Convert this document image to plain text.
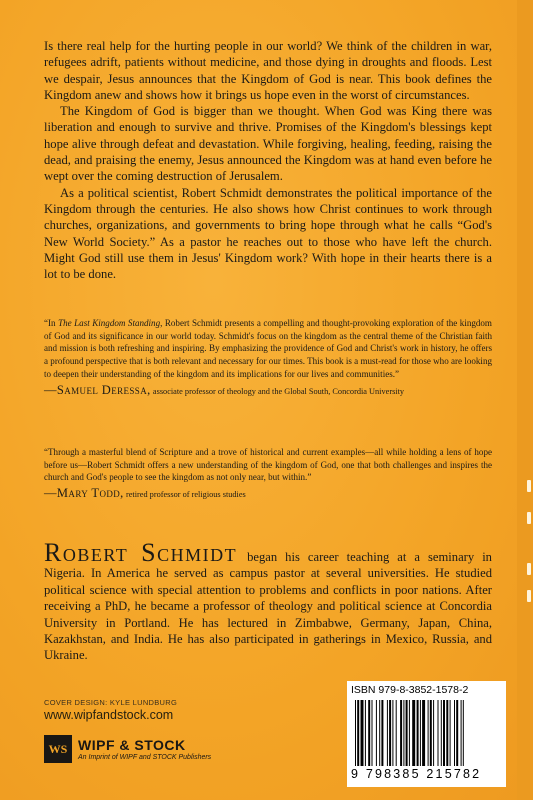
Is there real help for the hurting people in our world? We think of the children in war, refugees adrift, patients without medicine, and those dying in droughts and floods. Lest we despair, Jesus announces that the Kingdom of God is near. This book defines the Kingdom anew and shows how it brings us hope even in the worst of circumstances.

The Kingdom of God is bigger than we thought. When God was King there was liberation and enough to survive and thrive. Promises of the Kingdom's blessings kept hope alive through defeat and devastation. While forgiving, healing, feeding, raising the dead, and praising the enemy, Jesus announced the Kingdom was at hand even before he wept over the coming destruction of Jerusalem.

As a political scientist, Robert Schmidt demonstrates the political importance of the Kingdom through the centuries. He also shows how Christ continues to work through churches, organizations, and governments to bring hope through what he calls “God's New World Society.” As a pastor he reaches out to those who have left the church. Might God still use them in Jesus' Kingdom work? With hope in their hearts there is a lot to be done.

“In The Last Kingdom Standing, Robert Schmidt presents a compelling and thought-provoking exploration of the kingdom of God and its significance in our world today. Schmidt's focus on the kingdom as the central theme of the Christian faith and mission is both refreshing and inspiring. By emphasizing the providence of God and Christ's work in history, he offers a profound perspective that is both relevant and necessary for our times. This book is a must-read for those who are looking to deepen their understanding of the kingdom and its implications for our lives and communities.”

—Samuel Deressa, associate professor of theology and the Global South, Concordia University

“Through a masterful blend of Scripture and a trove of historical and current examples—all while holding a lens of hope before us—Robert Schmidt offers a new understanding of the kingdom of God, one that both challenges and inspires the church and God's people to see the kingdom as not only near, but within.”

—Mary Todd, retired professor of religious studies

Robert Schmidt began his career teaching at a seminary in Nigeria. In America he served as campus pastor at several universities. He studied political science with special attention to problems and conflicts in poor nations. After receiving a PhD, he became a professor of theology and political science at Concordia University in Portland. He has lectured in Zimbabwe, Germany, Japan, China, Kazakhstan, and India. He has also participated in gatherings in Mexico, Russia, and Ukraine.
COVER DESIGN: KYLE LUNDBURG
www.wipfandstock.com
WS WIPF & STOCK
An Imprint of WIPF and STOCK Publishers
ISBN 979-8-3852-1578-2
9 798385 215782
